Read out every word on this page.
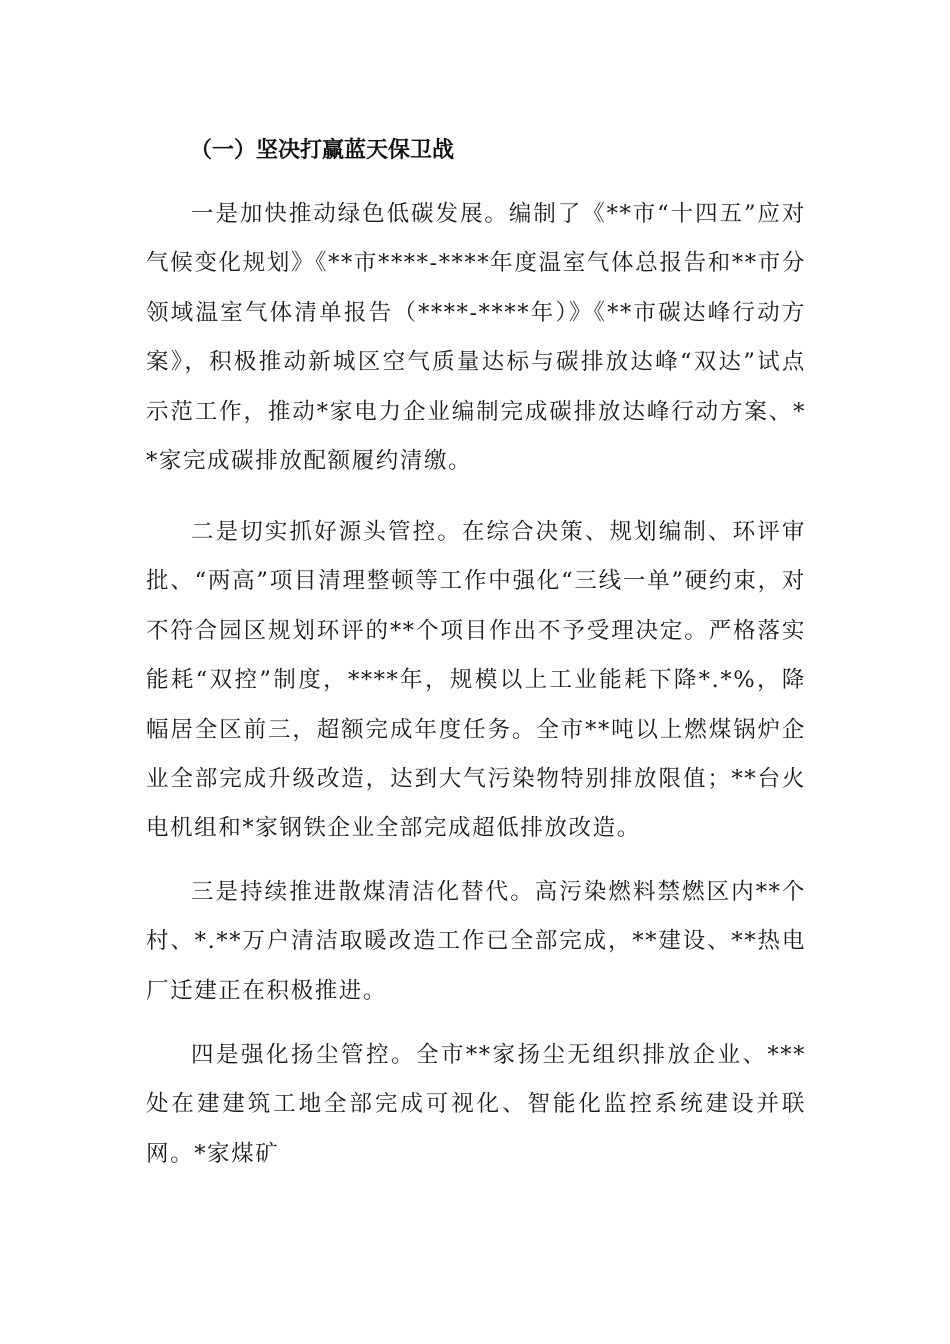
（一）坚决打赢蓝天保卫战

一是加快推动绿色低碳发展。编制了《**市“十四五”应对气候变化规划》《**市****-****年度温室气体总报告和**市分领域温室气体清单报告（****-****年）》《**市碳达峰行动方案》，积极推动新城区空气质量达标与碳排放达峰“双达”试点示范工作，推动*家电力企业编制完成碳排放达峰行动方案、**家完成碳排放配额履约清缴。

二是切实抓好源头管控。在综合决策、规划编制、环评审批、“两高”项目清理整顿等工作中强化“三线一单”硬约束，对不符合园区规划环评的**个项目作出不予受理决定。严格落实能耗“双控”制度，****年，规模以上工业能耗下降*.*%，降幅居全区前三，超额完成年度任务。全市**吨以上燃煤锅炉企业全部完成升级改造，达到大气污染物特别排放限值；**台火电机组和*家钢铁企业全部完成超低排放改造。

三是持续推进散煤清洁化替代。高污染燃料禁燃区内**个村、*.**万户清洁取暖改造工作已全部完成，**建设、**热电厂迁建正在积极推进。

四是强化扬尘管控。全市**家扬尘无组织排放企业、***处在建建筑工地全部完成可视化、智能化监控系统建设并联网。*家煤矿
